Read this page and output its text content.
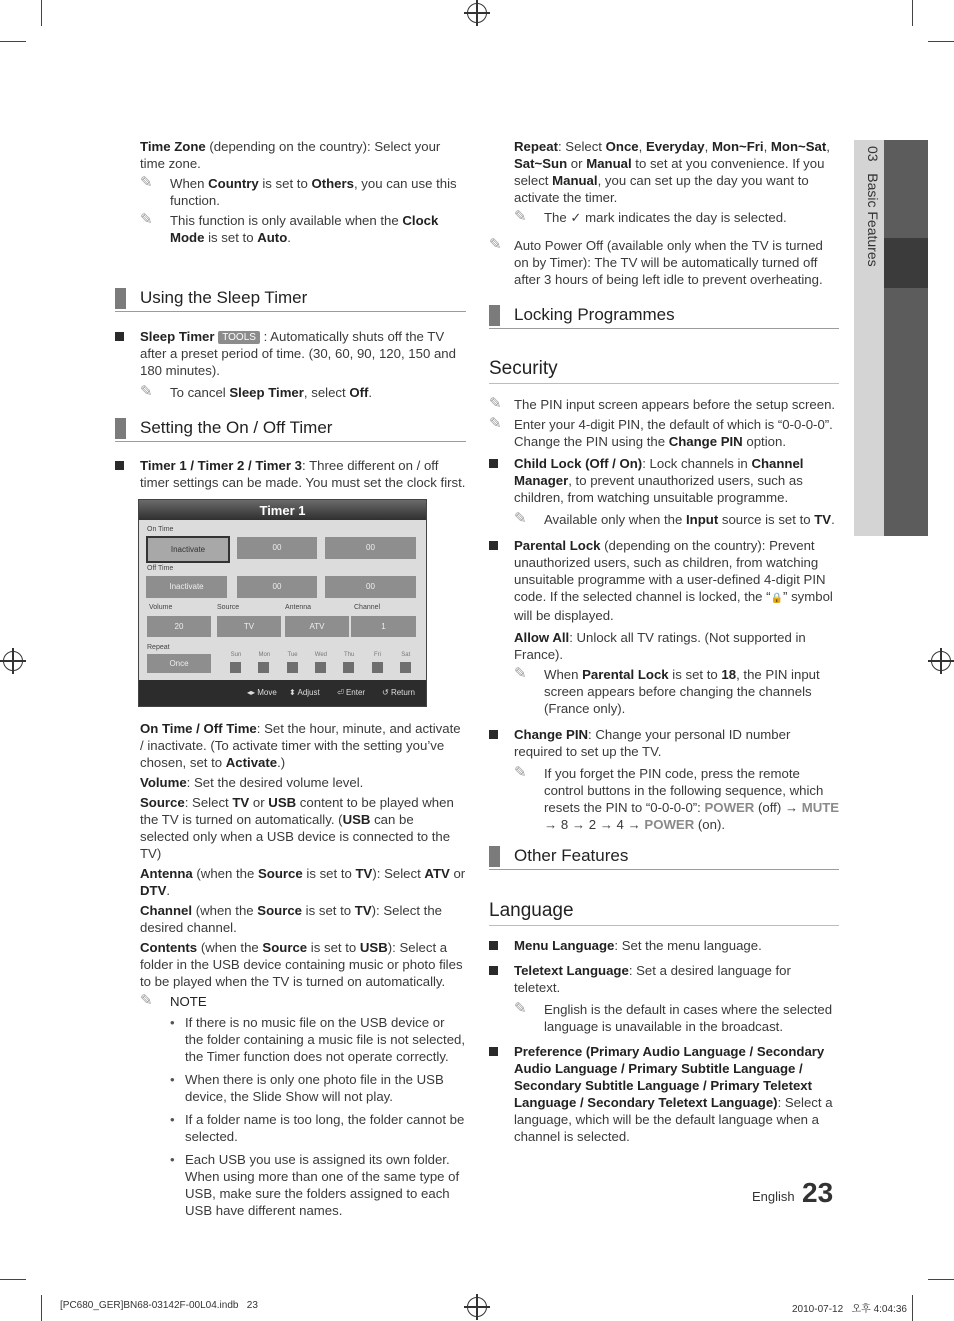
03   Basic Features

Time Zone (depending on the country): Select your time zone.

✎ When Country is set to Others, you can use this function.
✎ This function is only available when the Clock Mode is set to Auto.
Using the Sleep Timer
Sleep Timer TOOLS : Automatically shuts off the TV after a preset period of time. (30, 60, 90, 120, 150 and 180 minutes).
✎ To cancel Sleep Timer, select Off.
Setting the On / Off Timer
Timer 1 / Timer 2 / Timer 3: Three different on / off timer settings can be made. You must set the clock first.
Timer 1
On Time
Inactivate	00	00
Off Time
Inactivate	00	00
Volume	Source	Antenna	Channel
20	TV	ATV	1
Repeat
Once
◂▸ Move ⬍ Adjust ⏎ Enter ↺ Return
Sun	Mon	Tue	Wed	Thu	Fri	Sat

On Time / Off Time: Set the hour, minute, and activate / inactivate. (To activate timer with the setting you’ve chosen, set to Activate.)

Volume: Set the desired volume level.

Source: Select TV or USB content to be played when the TV is turned on automatically. (USB can be selected only when a USB device is connected to the TV)

Antenna (when the Source is set to TV): Select ATV or DTV.

Channel (when the Source is set to TV): Select the desired channel.

Contents (when the Source is set to USB): Select a folder in the USB device containing music or photo files to be played when the TV is turned on automatically.

✎ NOTE
• If there is no music file on the USB device or the folder containing a music file is not selected, the Timer function does not operate correctly.
• When there is only one photo file in the USB device, the Slide Show will not play.
• If a folder name is too long, the folder cannot be selected.
• Each USB you use is assigned its own folder. When using more than one of the same type of USB, make sure the folders assigned to each USB have different names.

Repeat: Select Once, Everyday, Mon~Fri, Mon~Sat, Sat~Sun or Manual to set at you convenience. If you select Manual, you can set up the day you want to activate the timer.

✎ The ✓ mark indicates the day is selected.
✎ Auto Power Off (available only when the TV is turned on by Timer): The TV will be automatically turned off after 3 hours of being left idle to prevent overheating.
Locking Programmes
Security
✎ The PIN input screen appears before the setup screen.
✎ Enter your 4-digit PIN, the default of which is “0-0-0-0”. Change the PIN using the Change PIN option.
Child Lock (Off / On): Lock channels in Channel Manager, to prevent unauthorized users, such as children, from watching unsuitable programme.
✎ Available only when the Input source is set to TV.
Parental Lock (depending on the country): Prevent unauthorized users, such as children, from watching unsuitable programme with a user-defined 4-digit PIN code. If the selected channel is locked, the “🔒” symbol will be displayed.

Allow All: Unlock all TV ratings. (Not supported in France).

✎ When Parental Lock is set to 18, the PIN input screen appears before changing the channels (France only).
Change PIN: Change your personal ID number required to set up the TV.
✎ If you forget the PIN code, press the remote control buttons in the following sequence, which resets the PIN to “0-0-0-0”: POWER (off) → MUTE → 8 → 2 → 4 → POWER (on).
Other Features
Language
Menu Language: Set the menu language.
Teletext Language: Set a desired language for teletext.
✎ English is the default in cases where the selected language is unavailable in the broadcast.
Preference (Primary Audio Language / Secondary Audio Language / Primary Subtitle Language / Secondary Subtitle Language / Primary Teletext Language / Secondary Teletext Language): Select a language, which will be the default language when a channel is selected.
English 23
[PC680_GER]BN68-03142F-00L04.indb   23	2010-07-12   오후 4:04:36
